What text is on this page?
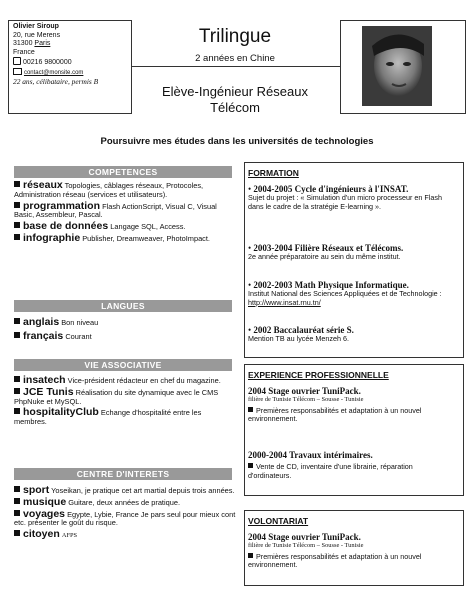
Olivier Siroup
20, rue Merens
31300 Paris
France
00216 9800000
contact@monsite.com
22 ans, célibataire, permis B
Trilingue
2 années en Chine
Elève-Ingénieur Réseaux
Télécom
Poursuivre mes études dans les universités de technologies
COMPETENCES
réseaux Topologies, câblages réseaux, Protocoles, Administration réseau (services et utilisateurs).
programmation Flash ActionScript, Visual C, Visual Basic, Assembleur, Pascal.
base de données Langage SQL, Access.
infographie Publisher, Dreamweaver, PhotoImpact.
LANGUES
anglais Bon niveau
français Courant
VIE ASSOCIATIVE
insatech Vice-président rédacteur en chef du magazine.
JCE Tunis Réalisation du site dynamique avec le CMS PhpNuke et MySQL.
hospitalityClub Echange d'hospitalité entre les membres.
CENTRE D'INTERETS
sport Yoseikan, je pratique cet art martial depuis trois années.
musique Guitare, deux années de pratique.
voyages Egypte, Lybie, France Je pars seul pour mieux cont etc. présenter le goût du risque.
citoyen AFPS
FORMATION
• 2004-2005 Cycle d'ingénieurs à l'INSAT.
Sujet du projet : « Simulation d'un micro processeur en Flash dans le cadre de la stratégie E-learning ».
• 2003-2004 Filière Réseaux et Télécoms.
2e année préparatoire au sein du même institut.
• 2002-2003 Math Physique Informatique.
Institut National des Sciences Appliquées et de Technologie : http://www.insat.rnu.tn/
• 2002 Baccalauréat série S.
Mention TB au lycée Menzeh 6.
EXPERIENCE PROFESSIONNELLE
2004 Stage ouvrier TuniPack.
filière de Tunisie Télécom – Sousse - Tunisie
Premières responsabilités et adaptation à un nouvel environnement.
2000-2004 Travaux intérimaires.
Vente de CD, inventaire d'une librairie, réparation d'ordinateurs.
VOLONTARIAT
2004 Stage ouvrier TuniPack.
filière de Tunisie Télécom – Sousse - Tunisie
Premières responsabilités et adaptation à un nouvel environnement.
